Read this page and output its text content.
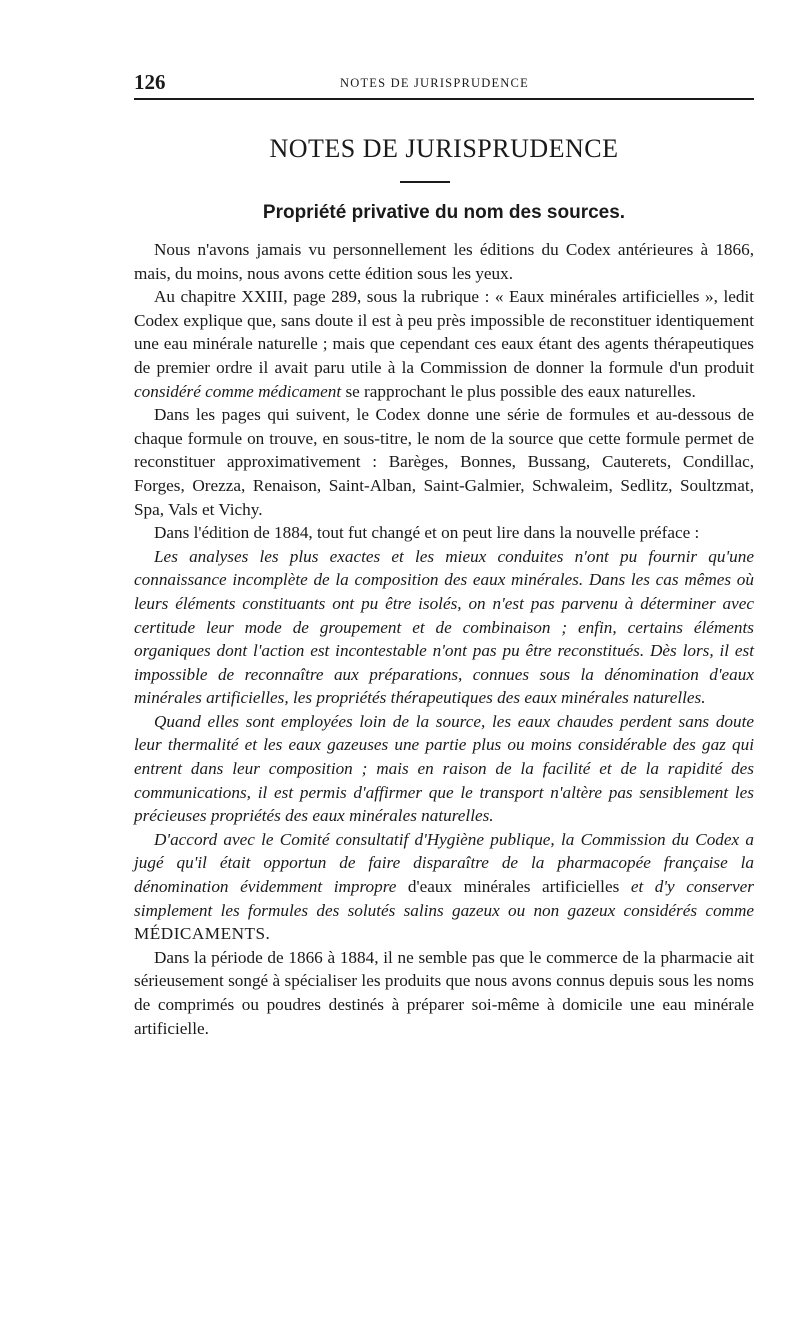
126	NOTES DE JURISPRUDENCE
NOTES DE JURISPRUDENCE
Propriété privative du nom des sources.

Nous n'avons jamais vu personnellement les éditions du Codex antérieures à 1866, mais, du moins, nous avons cette édition sous les yeux.

Au chapitre XXIII, page 289, sous la rubrique : « Eaux minérales artificielles », ledit Codex explique que, sans doute il est à peu près impossible de reconstituer identiquement une eau minérale naturelle ; mais que cependant ces eaux étant des agents thérapeutiques de premier ordre il avait paru utile à la Commission de donner la formule d'un produit considéré comme médicament se rapprochant le plus possible des eaux naturelles.

Dans les pages qui suivent, le Codex donne une série de formules et au-dessous de chaque formule on trouve, en sous-titre, le nom de la source que cette formule permet de reconstituer approximativement : Barèges, Bonnes, Bussang, Cauterets, Condillac, Forges, Orezza, Renaison, Saint-Alban, Saint-Galmier, Schwaleim, Sedlitz, Soultzmat, Spa, Vals et Vichy.

Dans l'édition de 1884, tout fut changé et on peut lire dans la nouvelle préface :

Les analyses les plus exactes et les mieux conduites n'ont pu fournir qu'une connaissance incomplète de la composition des eaux minérales. Dans les cas mêmes où leurs éléments constituants ont pu être isolés, on n'est pas parvenu à déterminer avec certitude leur mode de groupement et de combinaison ; enfin, certains éléments organiques dont l'action est incontestable n'ont pas pu être reconstitués. Dès lors, il est impossible de reconnaître aux préparations, connues sous la dénomination d'eaux minérales artificielles, les propriétés thérapeutiques des eaux minérales naturelles.

Quand elles sont employées loin de la source, les eaux chaudes perdent sans doute leur thermalité et les eaux gazeuses une partie plus ou moins considérable des gaz qui entrent dans leur composition ; mais en raison de la facilité et de la rapidité des communications, il est permis d'affirmer que le transport n'altère pas sensiblement les précieuses propriétés des eaux minérales naturelles.

D'accord avec le Comité consultatif d'Hygiène publique, la Commission du Codex a jugé qu'il était opportun de faire disparaître de la pharmacopée française la dénomination évidemment impropre d'eaux minérales artificielles et d'y conserver simplement les formules des solutés salins gazeux ou non gazeux considérés comme MÉDICAMENTS.

Dans la période de 1866 à 1884, il ne semble pas que le commerce de la pharmacie ait sérieusement songé à spécialiser les produits que nous avons connus depuis sous les noms de comprimés ou poudres destinés à préparer soi-même à domicile une eau minérale artificielle.
